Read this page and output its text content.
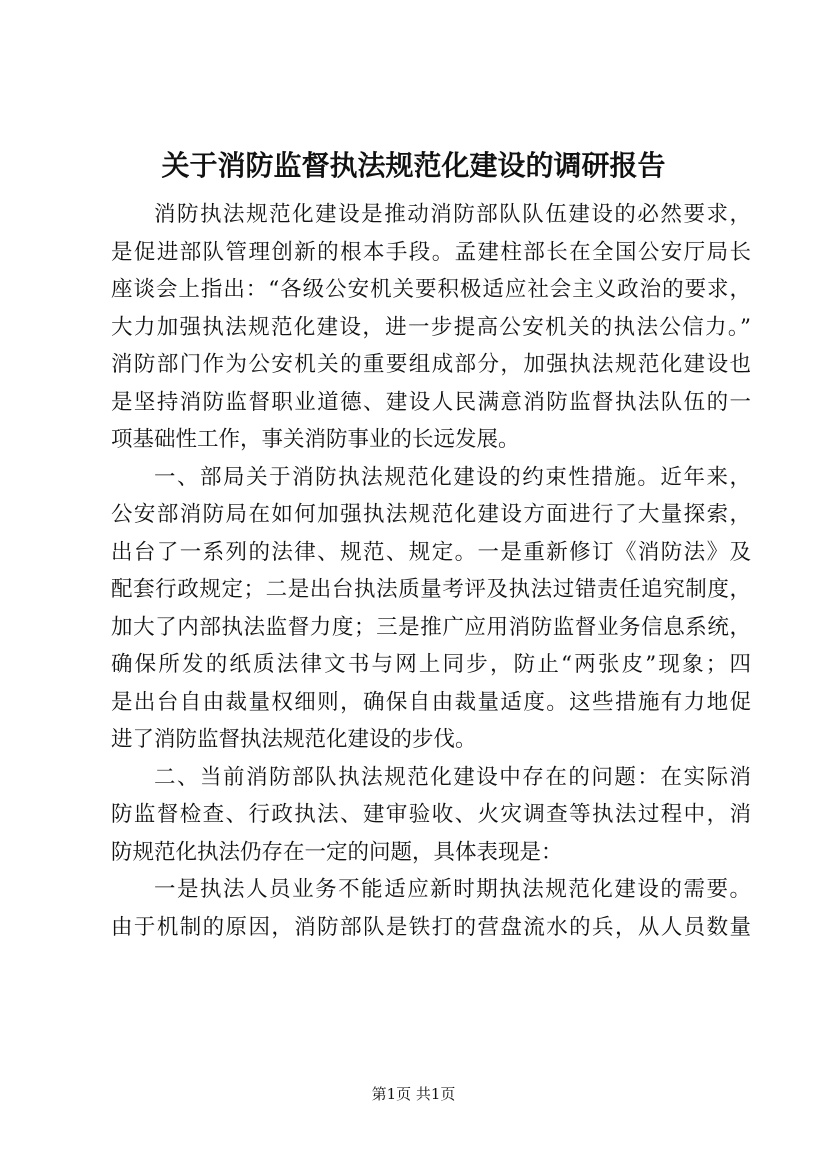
关于消防监督执法规范化建设的调研报告
消防执法规范化建设是推动消防部队队伍建设的必然要求，
是促进部队管理创新的根本手段。孟建柱部长在全国公安厅局长
座谈会上指出：“各级公安机关要积极适应社会主义政治的要求，
大力加强执法规范化建设，进一步提高公安机关的执法公信力。”
消防部门作为公安机关的重要组成部分，加强执法规范化建设也
是坚持消防监督职业道德、建设人民满意消防监督执法队伍的一
项基础性工作，事关消防事业的长远发展。
一、部局关于消防执法规范化建设的约束性措施。近年来，
公安部消防局在如何加强执法规范化建设方面进行了大量探索，
出台了一系列的法律、规范、规定。一是重新修订《消防法》及
配套行政规定；二是出台执法质量考评及执法过错责任追究制度，
加大了内部执法监督力度；三是推广应用消防监督业务信息系统，
确保所发的纸质法律文书与网上同步，防止“两张皮”现象；四
是出台自由裁量权细则，确保自由裁量适度。这些措施有力地促
进了消防监督执法规范化建设的步伐。
二、当前消防部队执法规范化建设中存在的问题：在实际消
防监督检查、行政执法、建审验收、火灾调查等执法过程中，消
防规范化执法仍存在一定的问题，具体表现是：
一是执法人员业务不能适应新时期执法规范化建设的需要。
由于机制的原因，消防部队是铁打的营盘流水的兵，从人员数量
第1页 共1页
